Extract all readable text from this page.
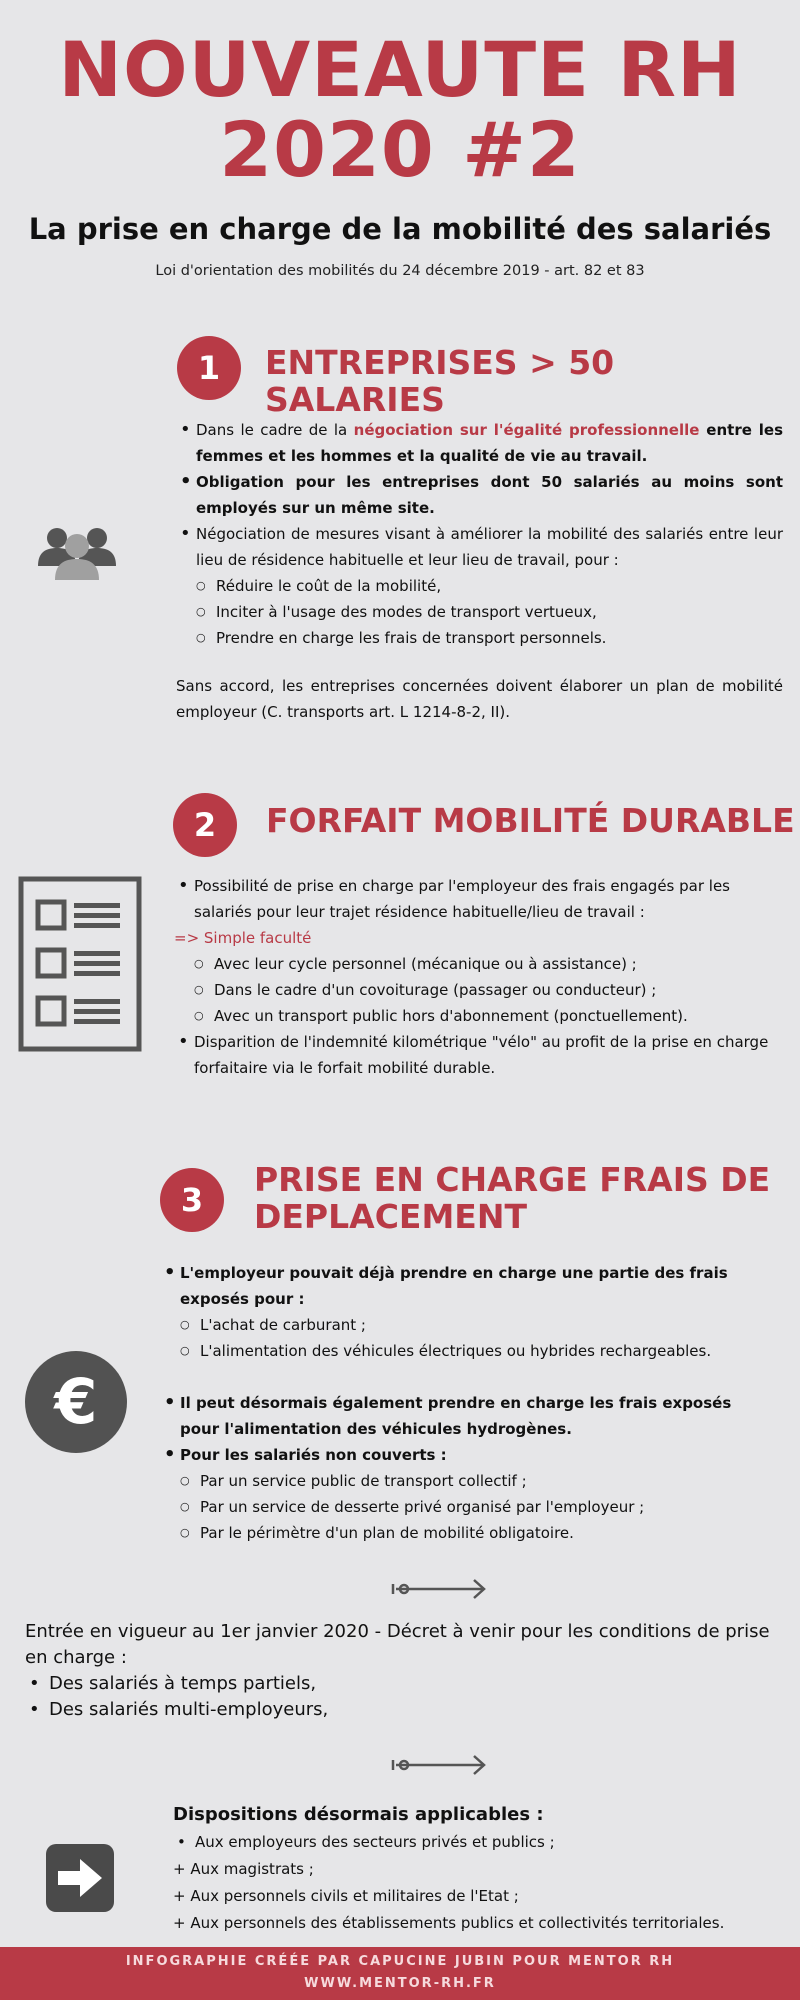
NOUVEAUTE RH
2020 #2
La prise en charge de la mobilité des salariés
Loi d'orientation des mobilités du 24 décembre 2019 - art. 82 et 83
1	ENTREPRISES > 50 SALARIES
• Dans le cadre de la négociation sur l'égalité professionnelle entre les femmes et les hommes et la qualité de vie au travail.
• Obligation pour les entreprises dont 50 salariés au moins sont employés sur un même site.
• Négociation de mesures visant à améliorer la mobilité des salariés entre leur lieu de résidence habituelle et leur lieu de travail, pour :
○ Réduire le coût de la mobilité,
○ Inciter à l'usage des modes de transport vertueux,
○ Prendre en charge les frais de transport personnels.
Sans accord, les entreprises concernées doivent élaborer un plan de mobilité employeur (C. transports art. L 1214-8-2, II).
2	FORFAIT MOBILITÉ DURABLE
• Possibilité de prise en charge par l'employeur des frais engagés par les salariés pour leur trajet résidence habituelle/lieu de travail :
=> Simple faculté
○ Avec leur cycle personnel (mécanique ou à assistance) ;
○ Dans le cadre d'un covoiturage (passager ou conducteur) ;
○ Avec un transport public hors d'abonnement (ponctuellement).
• Disparition de l'indemnité kilométrique "vélo" au profit de la prise en charge forfaitaire via le forfait mobilité durable.
3
PRISE EN CHARGE FRAIS DE
DEPLACEMENT
€
• L'employeur pouvait déjà prendre en charge une partie des frais exposés pour :
○ L'achat de carburant ;
○ L'alimentation des véhicules électriques ou hybrides rechargeables.
• Il peut désormais également prendre en charge les frais exposés pour l'alimentation des véhicules hydrogènes.
• Pour les salariés non couverts :
○ Par un service public de transport collectif ;
○ Par un service de desserte privé organisé par l'employeur ;
○ Par le périmètre d'un plan de mobilité obligatoire.
Entrée en vigueur au 1er janvier 2020 - Décret à venir pour les conditions de prise en charge :
• Des salariés à temps partiels,
• Des salariés multi-employeurs,
Dispositions désormais applicables :
• Aux employeurs des secteurs privés et publics ;
+ Aux magistrats ;
+ Aux personnels civils et militaires de l'Etat ;
+ Aux personnels des établissements publics et collectivités territoriales.
INFOGRAPHIE CRÉÉE PAR CAPUCINE JUBIN POUR MENTOR RH
WWW.MENTOR-RH.FR
